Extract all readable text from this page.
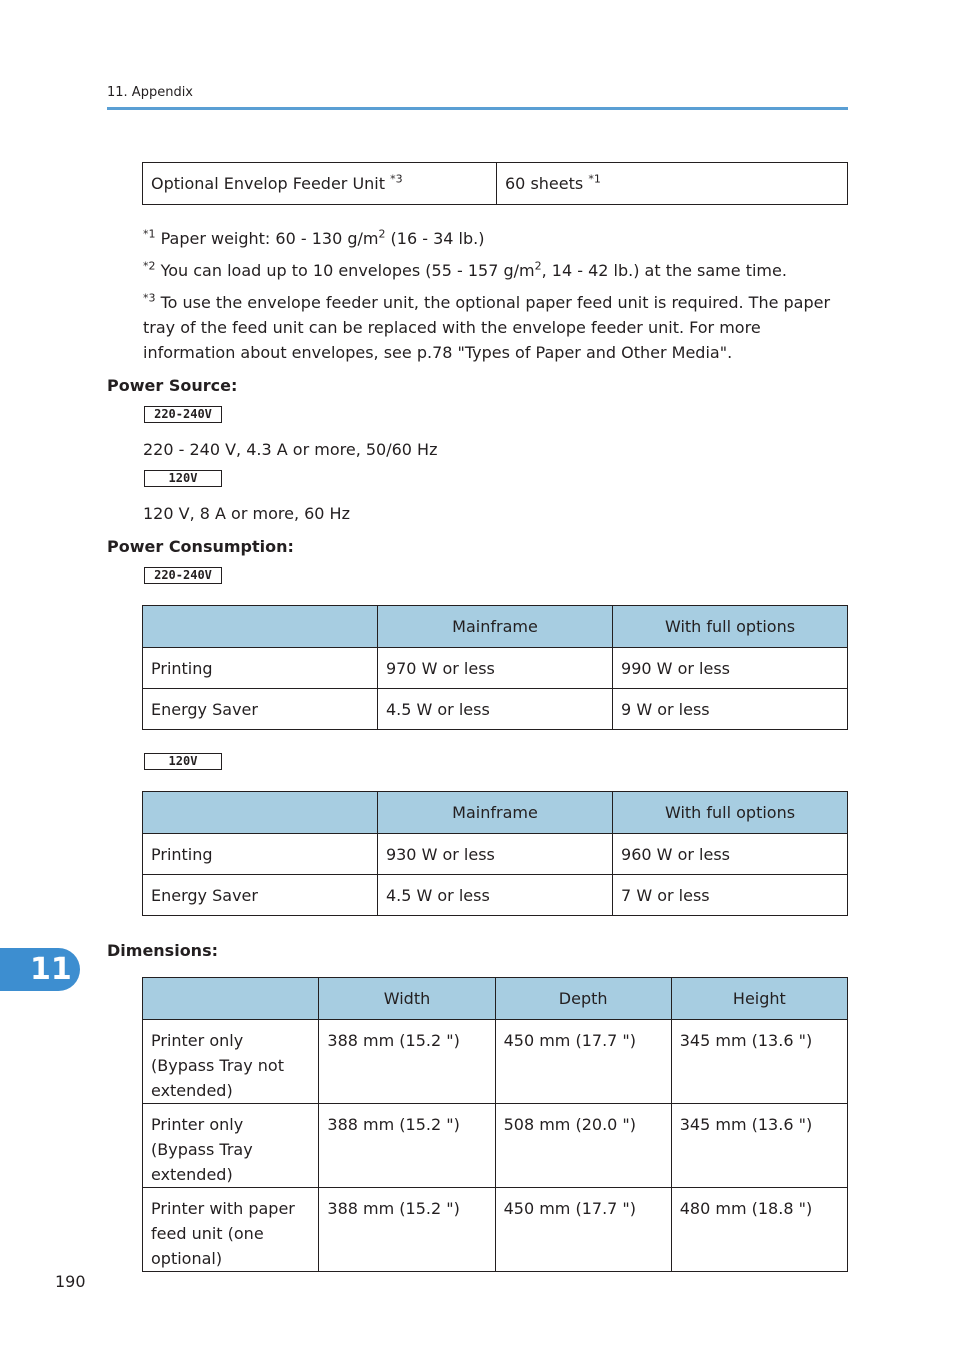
11. Appendix
Optional Envelop Feeder Unit $^{*3}$	60 sheets $^{*1}$
$^{*1}$ Paper weight: 60 - 130 $g/m^2$ (16 - 34 lb.)
$^{*2}$ You can load up to 10 envelopes (55 - 157 $g/m^2$, 14 - 42 lb.) at the same time.
$^{*3}$ To use the envelope feeder unit, the optional paper feed unit is required. The paper tray of the feed unit can be replaced with the envelope feeder unit. For more information about envelopes, see p.78 "Types of Paper and Other Media".
Power Source:
220-240V
220 - 240 V, 4.3 A or more, 50/60 Hz
120V
120 V, 8 A or more, 60 Hz
Power Consumption:
220-240V
	Mainframe	With full options
Printing	970 W or less	990 W or less
Energy Saver	4.5 W or less	9 W or less
120V
	Mainframe	With full options
Printing	930 W or less	960 W or less
Energy Saver	4.5 W or less	7 W or less
Dimensions:
	Width	Depth	Height
Printer only (Bypass Tray not extended)	388 mm (15.2 ")	450 mm (17.7 ")	345 mm (13.6 ")
Printer only (Bypass Tray extended)	388 mm (15.2 ")	508 mm (20.0 ")	345 mm (13.6 ")
Printer with paper feed unit (one optional)	388 mm (15.2 ")	450 mm (17.7 ")	480 mm (18.8 ")
11
190
